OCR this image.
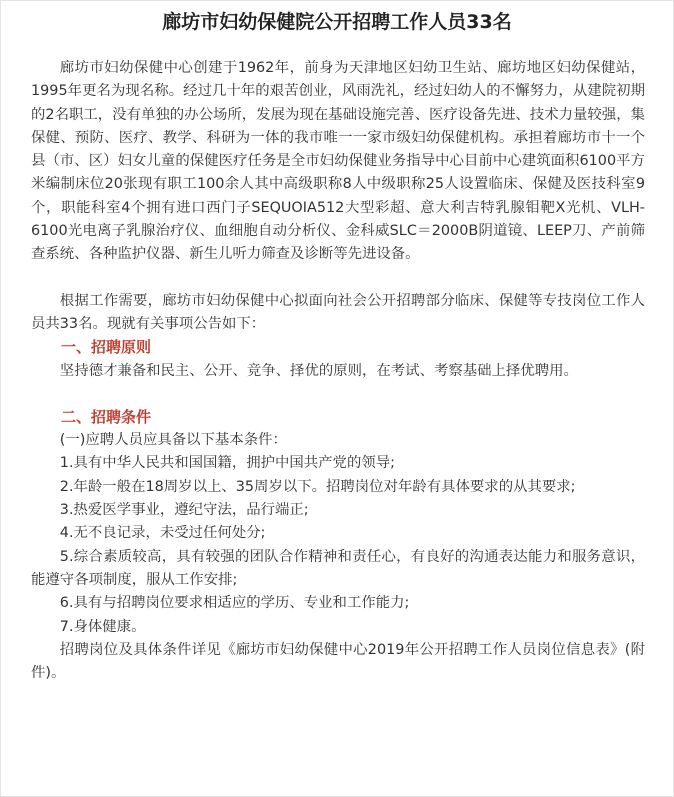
廊坊市妇幼保健院公开招聘工作人员33名

廊坊市妇幼保健中心创建于1962年，前身为天津地区妇幼卫生站、廊坊地区妇幼保健站，1995年更名为现名称。经过几十年的艰苦创业，风雨洗礼，经过妇幼人的不懈努力，从建院初期的2名职工，没有单独的办公场所，发展为现在基础设施完善、医疗设备先进、技术力量较强，集保健、预防、医疗、教学、科研为一体的我市唯一一家市级妇幼保健机构。承担着廊坊市十一个县（市、区）妇女儿童的保健医疗任务是全市妇幼保健业务指导中心目前中心建筑面积6100平方米编制床位20张现有职工100余人其中高级职称8人中级职称25人设置临床、保健及医技科室9个，职能科室4个拥有进口西门子SEQUOIA512大型彩超、意大利吉特乳腺钼靶X光机、VLH-6100光电离子乳腺治疗仪、血细胞自动分析仪、金科威SLC＝2000B阴道镜、LEEP刀、产前筛查系统、各种监护仪器、新生儿听力筛查及诊断等先进设备。

根据工作需要，廊坊市妇幼保健中心拟面向社会公开招聘部分临床、保健等专技岗位工作人员共33名。现就有关事项公告如下：

一、招聘原则

坚持德才兼备和民主、公开、竞争、择优的原则，在考试、考察基础上择优聘用。

二、招聘条件

(一)应聘人员应具备以下基本条件：

1.具有中华人民共和国国籍，拥护中国共产党的领导;

2.年龄一般在18周岁以上、35周岁以下。招聘岗位对年龄有具体要求的从其要求;

3.热爱医学事业，遵纪守法，品行端正;

4.无不良记录，未受过任何处分;

5.综合素质较高，具有较强的团队合作精神和责任心，有良好的沟通表达能力和服务意识，能遵守各项制度，服从工作安排;

6.具有与招聘岗位要求相适应的学历、专业和工作能力;

7.身体健康。

招聘岗位及具体条件详见《廊坊市妇幼保健中心2019年公开招聘工作人员岗位信息表》(附件)。
